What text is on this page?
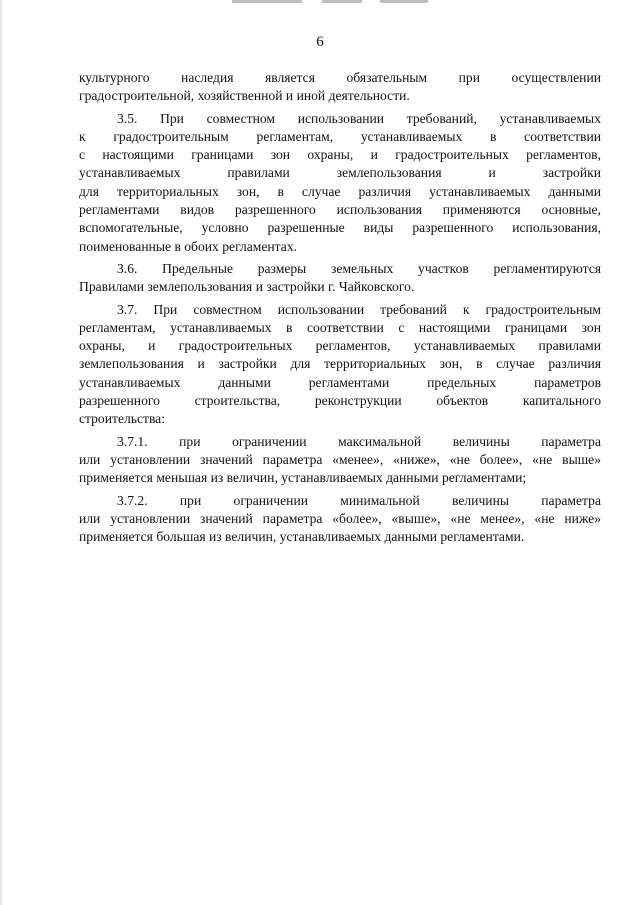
6
культурного наследия является обязательным при осуществлении
градостроительной, хозяйственной и иной деятельности.
3.5. При совместном использовании требований, устанавливаемых
к градостроительным регламентам, устанавливаемых в соответствии
с настоящими границами зон охраны, и градостроительных регламентов,
устанавливаемых правилами землепользования и застройки
для территориальных зон, в случае различия устанавливаемых данными
регламентами видов разрешенного использования применяются основные,
вспомогательные, условно разрешенные виды разрешенного использования,
поименованные в обоих регламентах.
3.6. Предельные размеры земельных участков регламентируются
Правилами землепользования и застройки г. Чайковского.
3.7. При совместном использовании требований к градостроительным
регламентам, устанавливаемых в соответствии с настоящими границами зон
охраны, и градостроительных регламентов, устанавливаемых правилами
землепользования и застройки для территориальных зон, в случае различия
устанавливаемых данными регламентами предельных параметров
разрешенного строительства, реконструкции объектов капитального
строительства:
3.7.1. при ограничении максимальной величины параметра
или установлении значений параметра «менее», «ниже», «не более», «не выше»
применяется меньшая из величин, устанавливаемых данными регламентами;
3.7.2. при ограничении минимальной величины параметра
или установлении значений параметра «более», «выше», «не менее», «не ниже»
применяется большая из величин, устанавливаемых данными регламентами.
